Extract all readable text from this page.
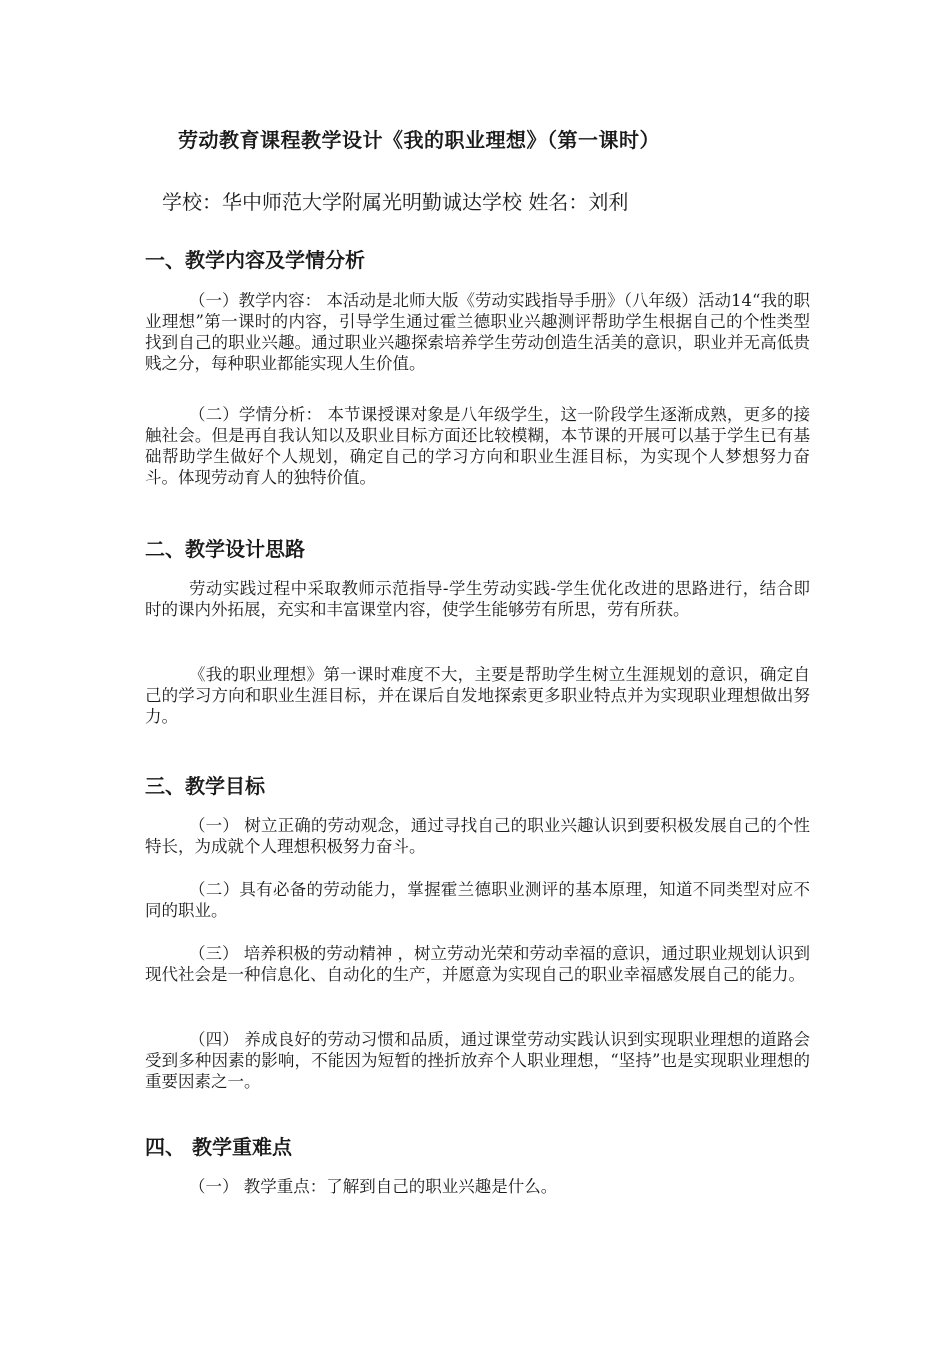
劳动教育课程教学设计《我的职业理想》（第一课时）
学校：华中师范大学附属光明勤诚达学校 姓名：刘利
一、教学内容及学情分析

（一）教学内容： 本活动是北师大版《劳动实践指导手册》（八年级）活动14“我的职业理想”第一课时的内容，引导学生通过霍兰德职业兴趣测评帮助学生根据自己的个性类型找到自己的职业兴趣。通过职业兴趣探索培养学生劳动创造生活美的意识，职业并无高低贵贱之分，每种职业都能实现人生价值。

（二）学情分析： 本节课授课对象是八年级学生，这一阶段学生逐渐成熟，更多的接触社会。但是再自我认知以及职业目标方面还比较模糊，本节课的开展可以基于学生已有基础帮助学生做好个人规划，确定自己的学习方向和职业生涯目标，为实现个人梦想努力奋斗。体现劳动育人的独特价值。

二、教学设计思路

劳动实践过程中采取教师示范指导-学生劳动实践-学生优化改进的思路进行，结合即时的课内外拓展，充实和丰富课堂内容，使学生能够劳有所思，劳有所获。

《我的职业理想》第一课时难度不大，主要是帮助学生树立生涯规划的意识，确定自己的学习方向和职业生涯目标，并在课后自发地探索更多职业特点并为实现职业理想做出努力。

三、教学目标

（一） 树立正确的劳动观念，通过寻找自己的职业兴趣认识到要积极发展自己的个性特长，为成就个人理想积极努力奋斗。

（二）具有必备的劳动能力，掌握霍兰德职业测评的基本原理，知道不同类型对应不同的职业。

（三） 培养积极的劳动精神 ，树立劳动光荣和劳动幸福的意识，通过职业规划认识到现代社会是一种信息化、自动化的生产，并愿意为实现自己的职业幸福感发展自己的能力。

（四） 养成良好的劳动习惯和品质，通过课堂劳动实践认识到实现职业理想的道路会受到多种因素的影响，不能因为短暂的挫折放弃个人职业理想，“坚持”也是实现职业理想的重要因素之一。

四、 教学重难点

（一） 教学重点：了解到自己的职业兴趣是什么。
